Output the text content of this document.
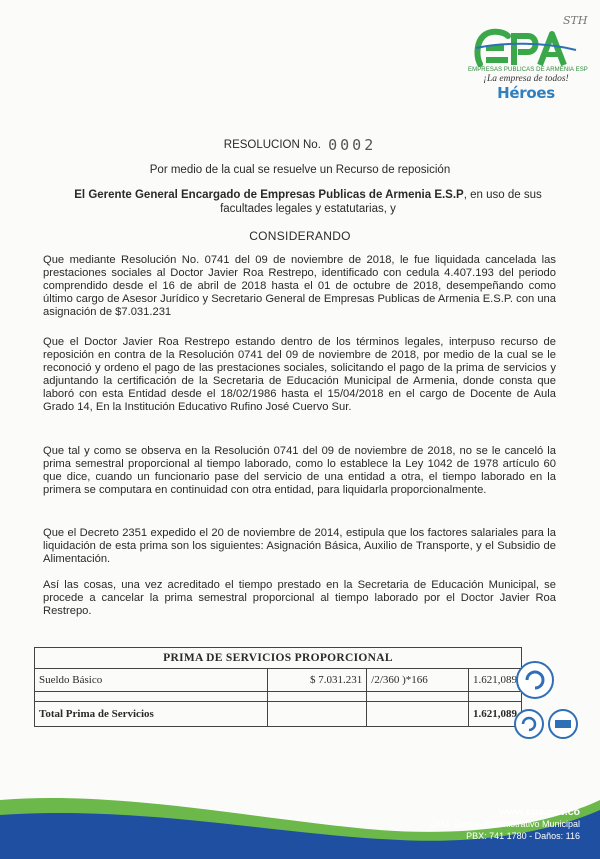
STH
EMPRESAS PUBLICAS DE ARMENIA ESP
¡La empresa de todos!
Héroes
RESOLUCION No. 0002
Por medio de la cual se resuelve un Recurso de reposición
El Gerente General Encargado de Empresas Publicas de Armenia E.S.P, en uso de sus facultades legales y estatutarias, y
CONSIDERANDO
Que mediante Resolución No. 0741 del 09 de noviembre de 2018, le fue liquidada cancelada las prestaciones sociales al Doctor Javier Roa Restrepo, identificado con cedula 4.407.193 del periodo comprendido desde el 16 de abril de 2018 hasta el 01 de octubre de 2018, desempeñando como último cargo de Asesor Jurídico y Secretario General de Empresas Publicas de Armenia E.S.P. con una asignación de $7.031.231
Que el Doctor Javier Roa Restrepo estando dentro de los términos legales, interpuso recurso de reposición en contra de la Resolución 0741 del 09 de noviembre de 2018, por medio de la cual se le reconoció y ordeno el pago de las prestaciones sociales, solicitando el pago de la prima de servicios y adjuntando la certificación de la Secretaria de Educación Municipal de Armenia, donde consta que laboró con esta Entidad desde el 18/02/1986 hasta el 15/04/2018 en el cargo de Docente de Aula Grado 14, En la Institución Educativo Rufino José Cuervo Sur.
Que tal y como se observa en la Resolución 0741 del 09 de noviembre de 2018, no se le canceló la prima semestral proporcional al tiempo laborado, como lo establece la Ley 1042 de 1978 artículo 60 que dice, cuando un funcionario pase del servicio de una entidad a otra, el tiempo laborado en la primera se computara en continuidad con otra entidad, para liquidarla proporcionalmente.
Que el Decreto 2351 expedido el 20 de noviembre de 2014, estipula que los factores salariales para la liquidación de esta prima son los siguientes: Asignación Básica, Auxilio de Transporte, y el Subsidio de Alimentación.
Así las cosas, una vez acreditado el tiempo prestado en la Secretaria de Educación Municipal, se procede a cancelar la prima semestral proporcional al tiempo laborado por el Doctor Javier Roa Restrepo.
PRIMA DE SERVICIOS PROPORCIONAL			
Sueldo Básico	$ 7.031.231	/2/360 )*166	1.621,089

Total Prima de Servicios			1.621,089
www.epa.gov.co
CAM. Centro Administrativo Municipal
PBX: 741 1780 - Daños: 116
